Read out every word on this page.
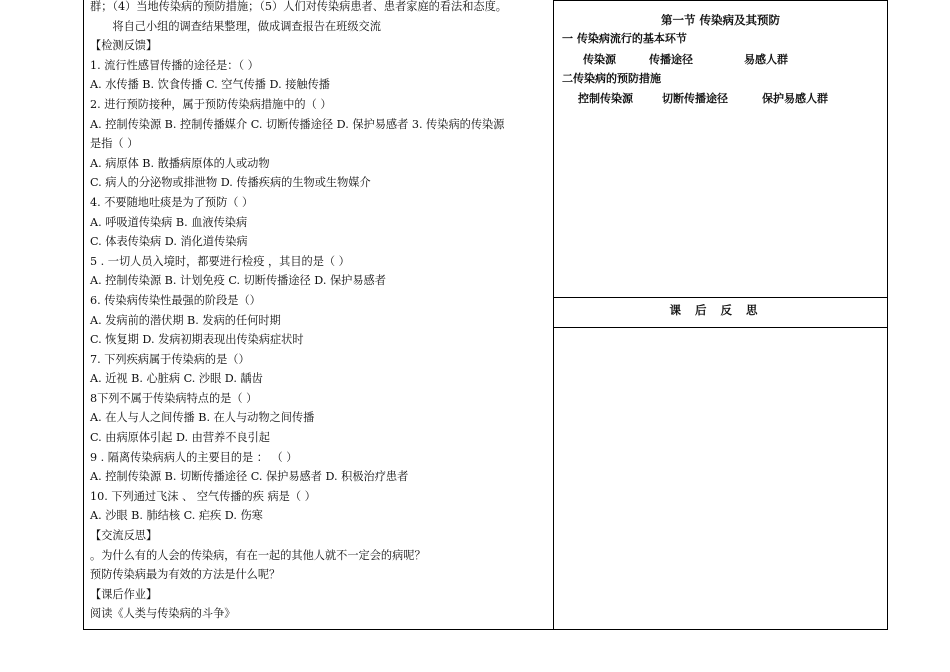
群；（4）当地传染病的预防措施；（5）人们对传染病患者、患者家庭的看法和态度。
　　将自己小组的调查结果整理，做成调查报告在班级交流
【检测反馈】
1. 流行性感冒传播的途径是：（ ）
A. 水传播 B. 饮食传播 C. 空气传播 D. 接触传播
2. 进行预防接种，属于预防传染病措施中的（ ）
A. 控制传染源 B. 控制传播媒介 C. 切断传播途径 D. 保护易感者 3. 传染病的传染源
是指（ ）
A. 病原体 B. 散播病原体的人或动物
C. 病人的分泌物或排泄物 D. 传播疾病的生物或生物媒介
4. 不要随地吐痰是为了预防（ ）
A. 呼吸道传染病 B. 血液传染病
C. 体表传染病 D. 消化道传染病
5 . 一切人员入境时，都要进行检疫 ，其目的是（ ）
A. 控制传染源 B. 计划免疫 C. 切断传播途径 D. 保护易感者
6. 传染病传染性最强的阶段是（）
A. 发病前的潜伏期 B. 发病的任何时期
C. 恢复期 D. 发病初期表现出传染病症状时
7. 下列疾病属于传染病的是（）
A. 近视 B. 心脏病 C. 沙眼 D. 龋齿
8下列不属于传染病特点的是（ ）
A. 在人与人之间传播 B. 在人与动物之间传播
C. 由病原体引起 D. 由营养不良引起
9 . 隔离传染病病人的主要目的是 ： （ ）
A. 控制传染源 B. 切断传播途径 C. 保护易感者 D. 积极治疗患者
10. 下列通过飞沫 、 空气传播的疾 病是（ ）
A. 沙眼 B. 肺结核 C. 疟疾 D. 伤寒
【交流反思】
。为什么有的人会的传染病，有在一起的其他人就不一定会的病呢？
预防传染病最为有效的方法是什么呢？
【课后作业】
阅读《人类与传染病的斗争》
第一节 传染病及其预防
一 传染病流行的基本环节
传染源	传播途径	易感人群
二传染病的预防措施
控制传染源	切断传播途径	保护易感人群
课后反思
